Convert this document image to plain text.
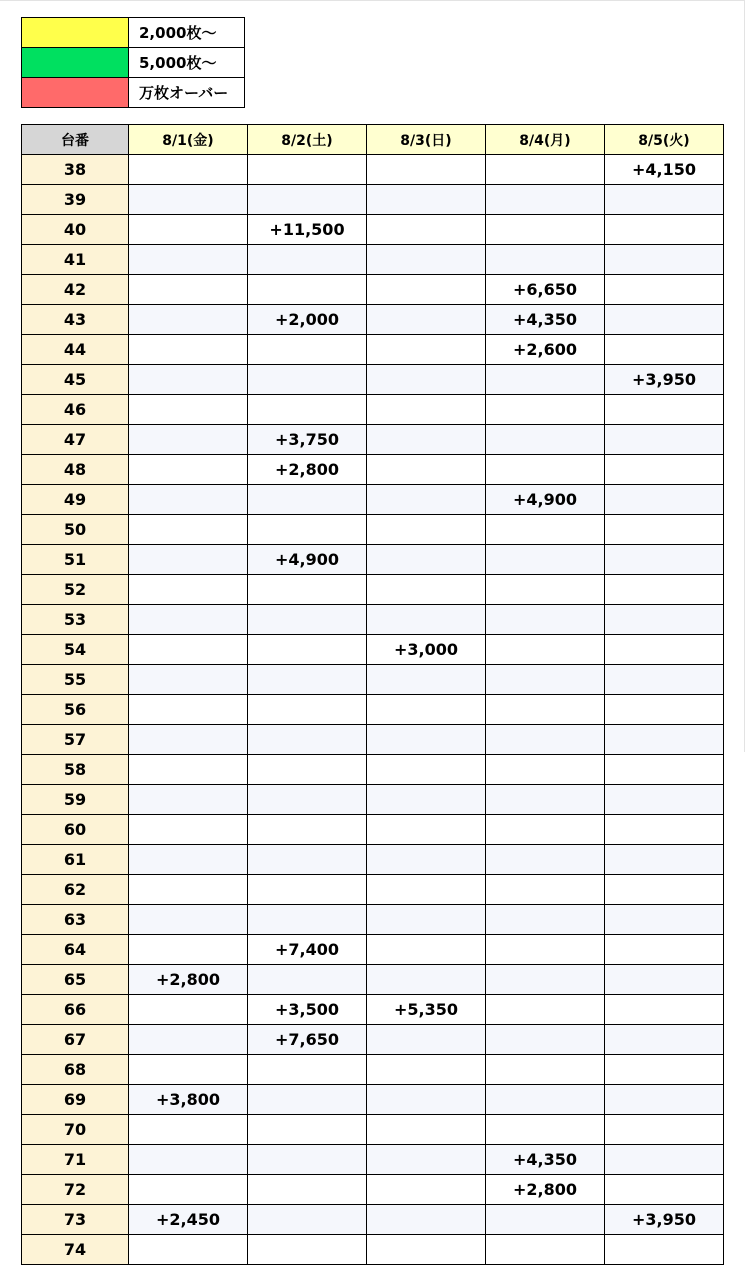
	2,000枚〜
	5,000枚〜
	万枚オーバー
台番	8/1(金)	8/2(土)	8/3(日)	8/4(月)	8/5(火)
38					+4,150
39					
40		+11,500			
41					
42				+6,650	
43		+2,000		+4,350	
44				+2,600	
45					+3,950
46					
47		+3,750			
48		+2,800			
49				+4,900	
50					
51		+4,900			
52					
53					
54			+3,000		
55					
56					
57					
58					
59					
60					
61					
62					
63					
64		+7,400			
65	+2,800				
66		+3,500	+5,350		
67		+7,650			
68					
69	+3,800				
70					
71				+4,350	
72				+2,800	
73	+2,450				+3,950
74					
